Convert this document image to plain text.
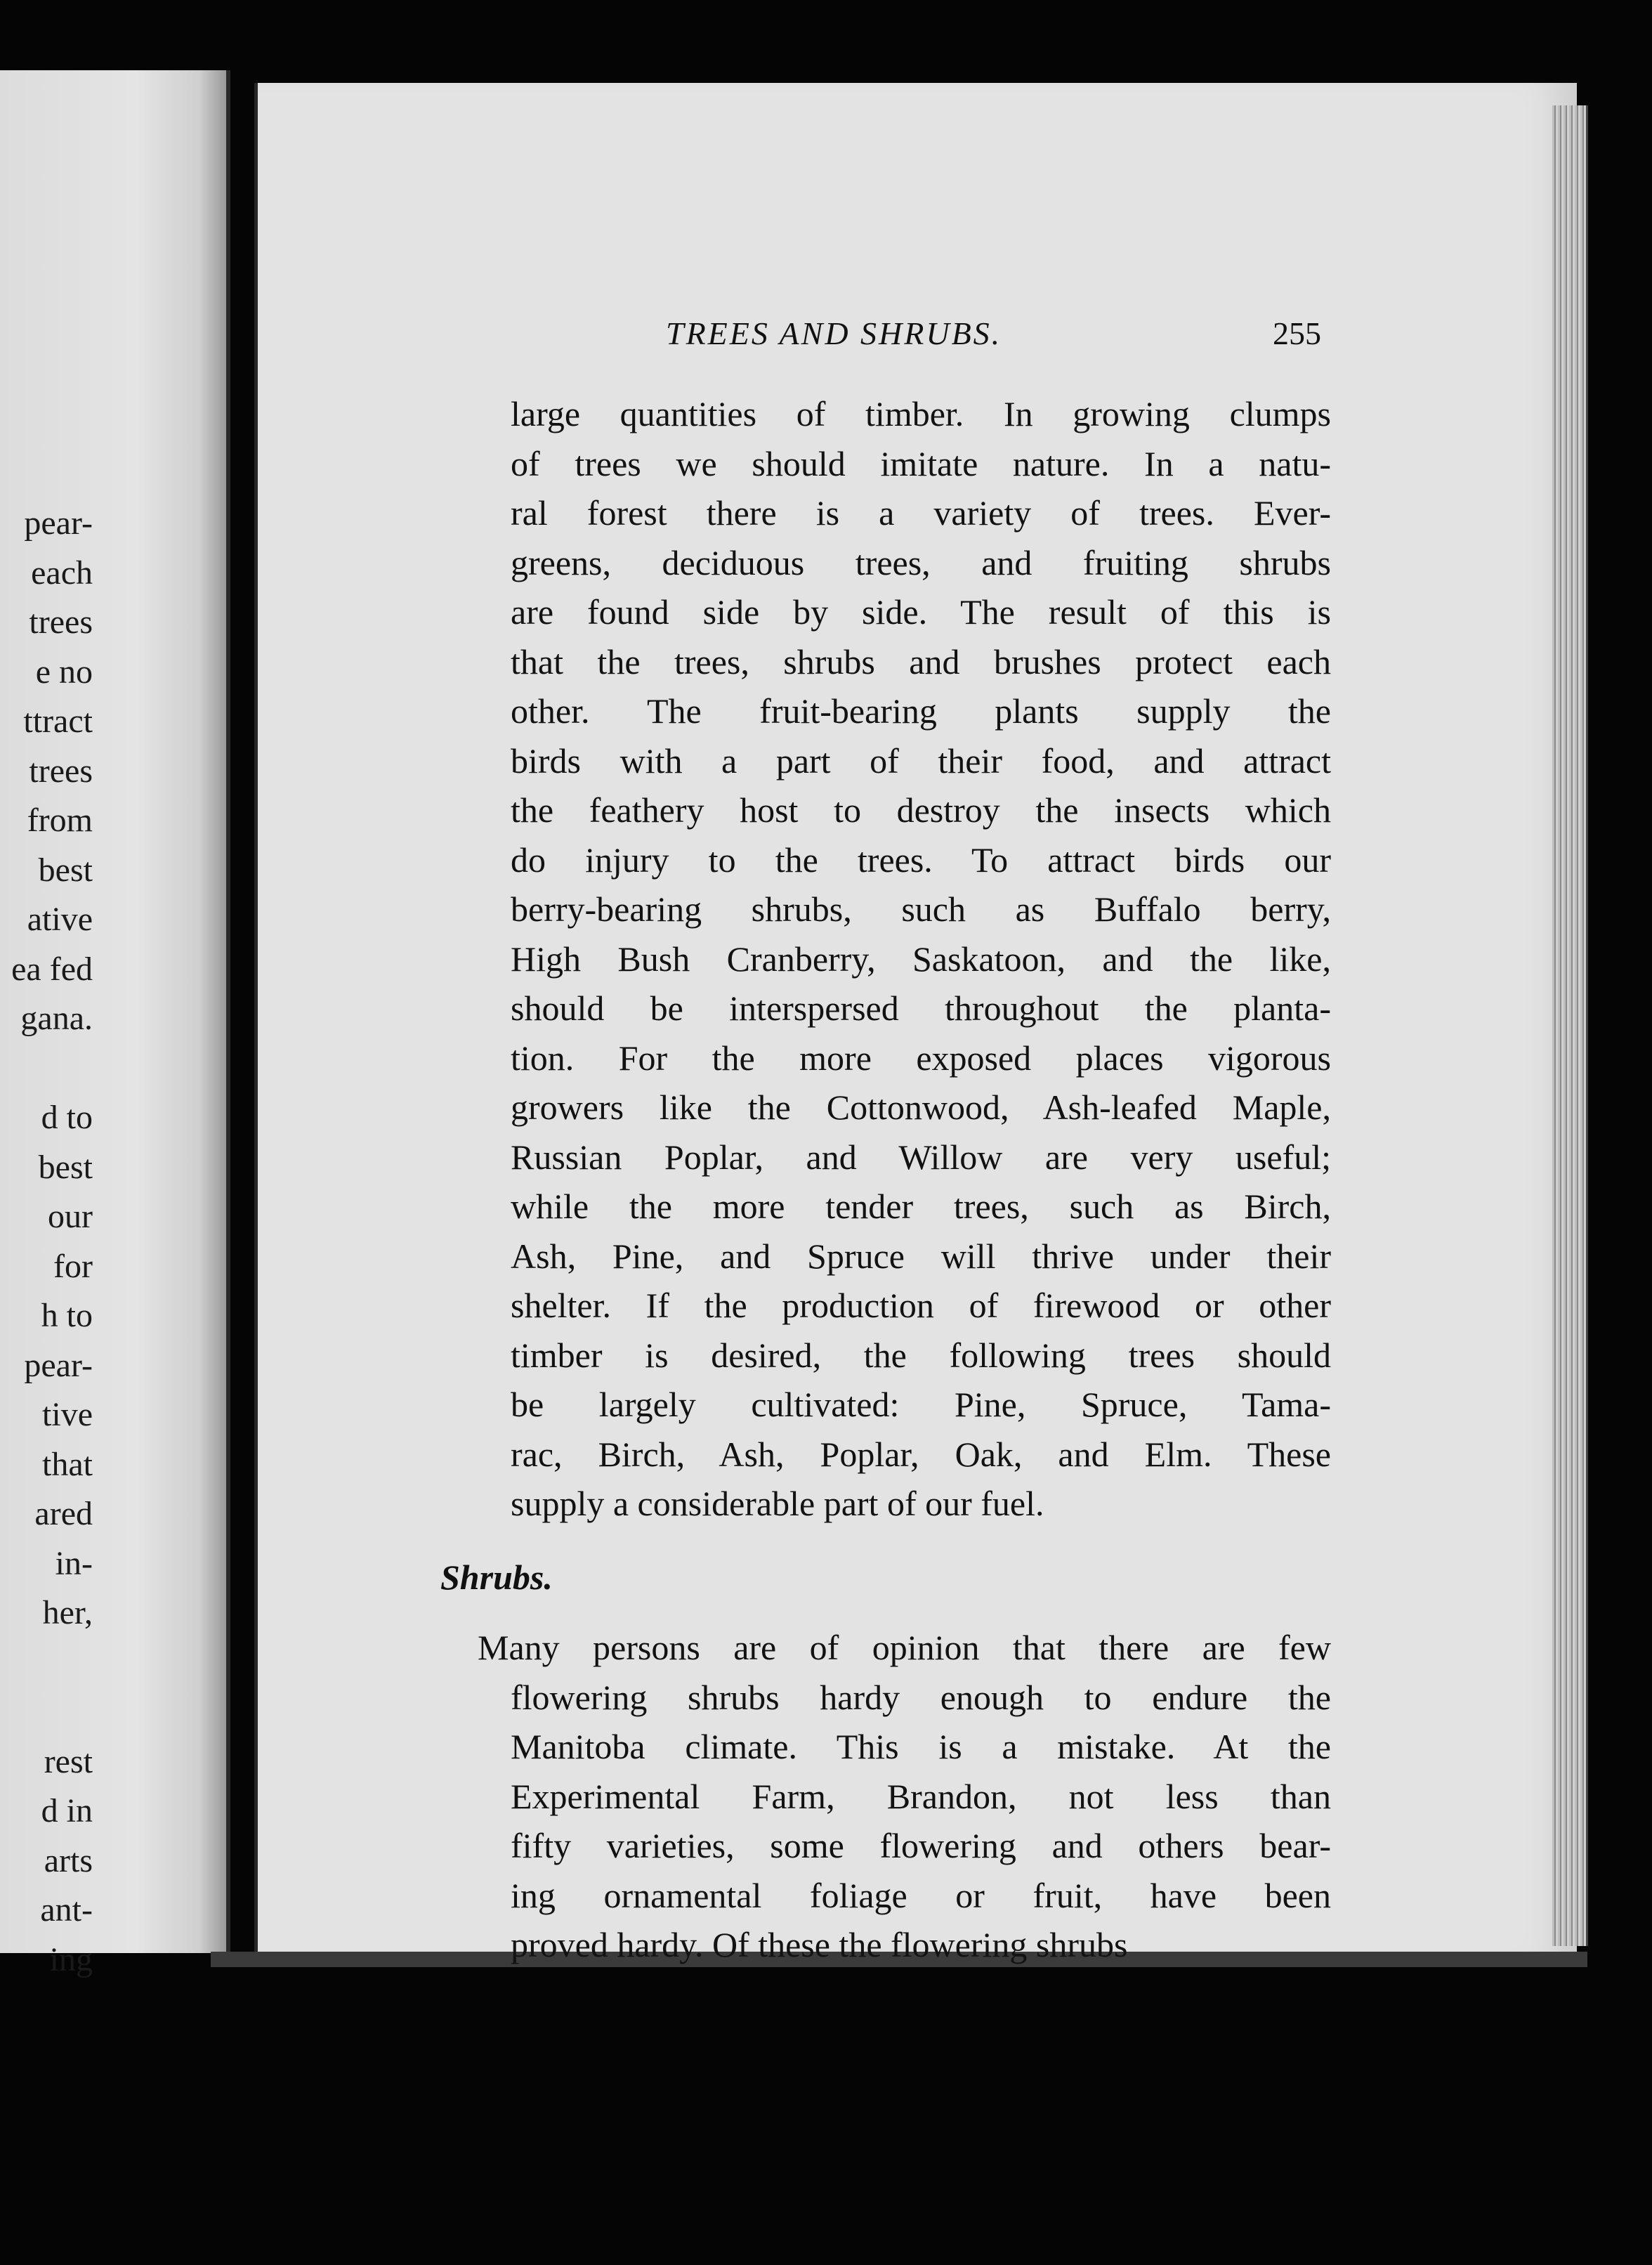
pear-
each
trees
e no
ttract
trees
from
best
ative
ea fed
gana.
d to
best
our
for
h to
pear-
tive
that
ared
in-
her,
rest
d in
arts
ant-
ing
TREES AND SHRUBS.	255
large quantities of timber. In growing clumps
of trees we should imitate nature. In a natu-
ral forest there is a variety of trees. Ever-
greens, deciduous trees, and fruiting shrubs
are found side by side. The result of this is
that the trees, shrubs and brushes protect each
other. The fruit-bearing plants supply the
birds with a part of their food, and attract
the feathery host to destroy the insects which
do injury to the trees. To attract birds our
berry-bearing shrubs, such as Buffalo berry,
High Bush Cranberry, Saskatoon, and the like,
should be interspersed throughout the planta-
tion. For the more exposed places vigorous
growers like the Cottonwood, Ash-leafed Maple,
Russian Poplar, and Willow are very useful;
while the more tender trees, such as Birch,
Ash, Pine, and Spruce will thrive under their
shelter. If the production of firewood or other
timber is desired, the following trees should
be largely cultivated: Pine, Spruce, Tama-
rac, Birch, Ash, Poplar, Oak, and Elm. These
supply a considerable part of our fuel.
Shrubs.
Many persons are of opinion that there are few
flowering shrubs hardy enough to endure the
Manitoba climate. This is a mistake. At the
Experimental Farm, Brandon, not less than
fifty varieties, some flowering and others bear-
ing ornamental foliage or fruit, have been
proved hardy. Of these the flowering shrubs
